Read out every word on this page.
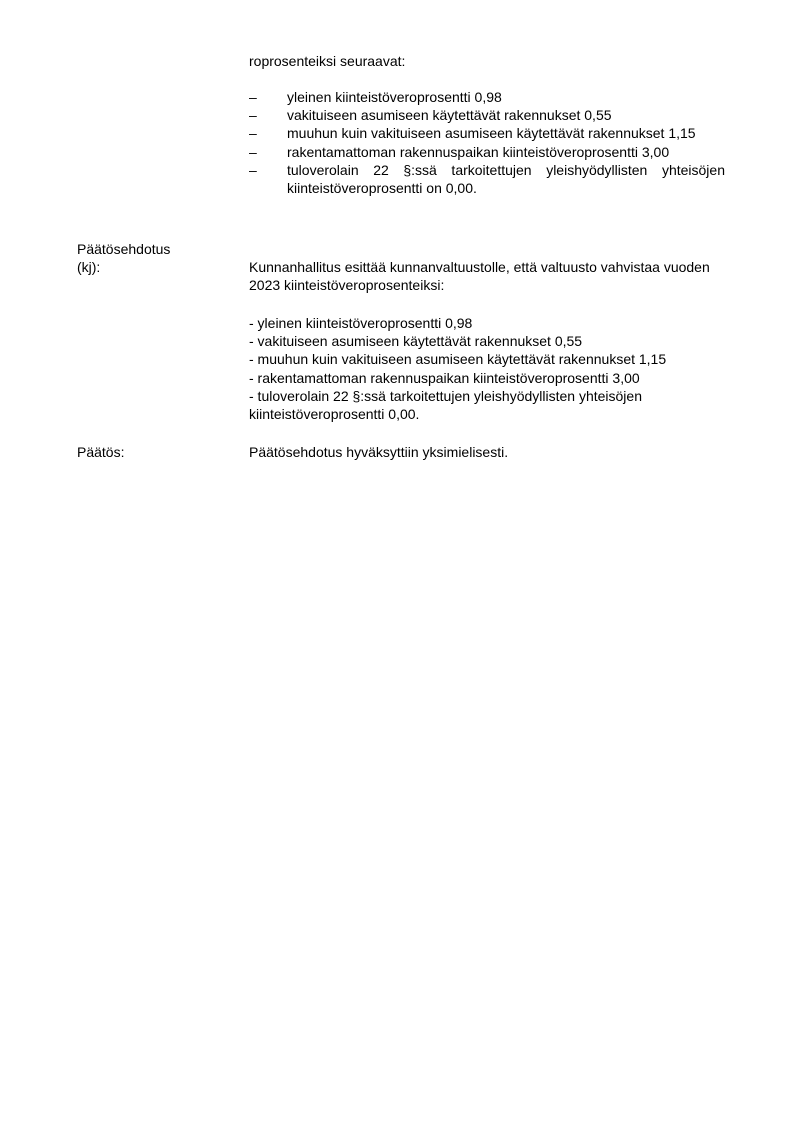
roprosenteiksi seuraavat:
– yleinen kiinteistöveroprosentti 0,98
– vakituiseen asumiseen käytettävät rakennukset 0,55
– muuhun kuin vakituiseen asumiseen käytettävät rakennukset 1,15
– rakentamattoman rakennuspaikan kiinteistöveroprosentti 3,00
– tuloverolain 22 §:ssä tarkoitettujen yleishyödyllisten yhteisöjen kiinteistöveroprosentti on 0,00.
Päätösehdotus
(kj):	Kunnanhallitus esittää kunnanvaltuustolle, että valtuusto vahvistaa vuoden 2023 kiinteistöveroprosenteiksi:
- yleinen kiinteistöveroprosentti 0,98
- vakituiseen asumiseen käytettävät rakennukset 0,55
- muuhun kuin vakituiseen asumiseen käytettävät rakennukset 1,15
- rakentamattoman rakennuspaikan kiinteistöveroprosentti 3,00
- tuloverolain 22 §:ssä tarkoitettujen yleishyödyllisten yhteisöjen kiinteistöveroprosentti 0,00.
Päätös:	Päätösehdotus hyväksyttiin yksimielisesti.
